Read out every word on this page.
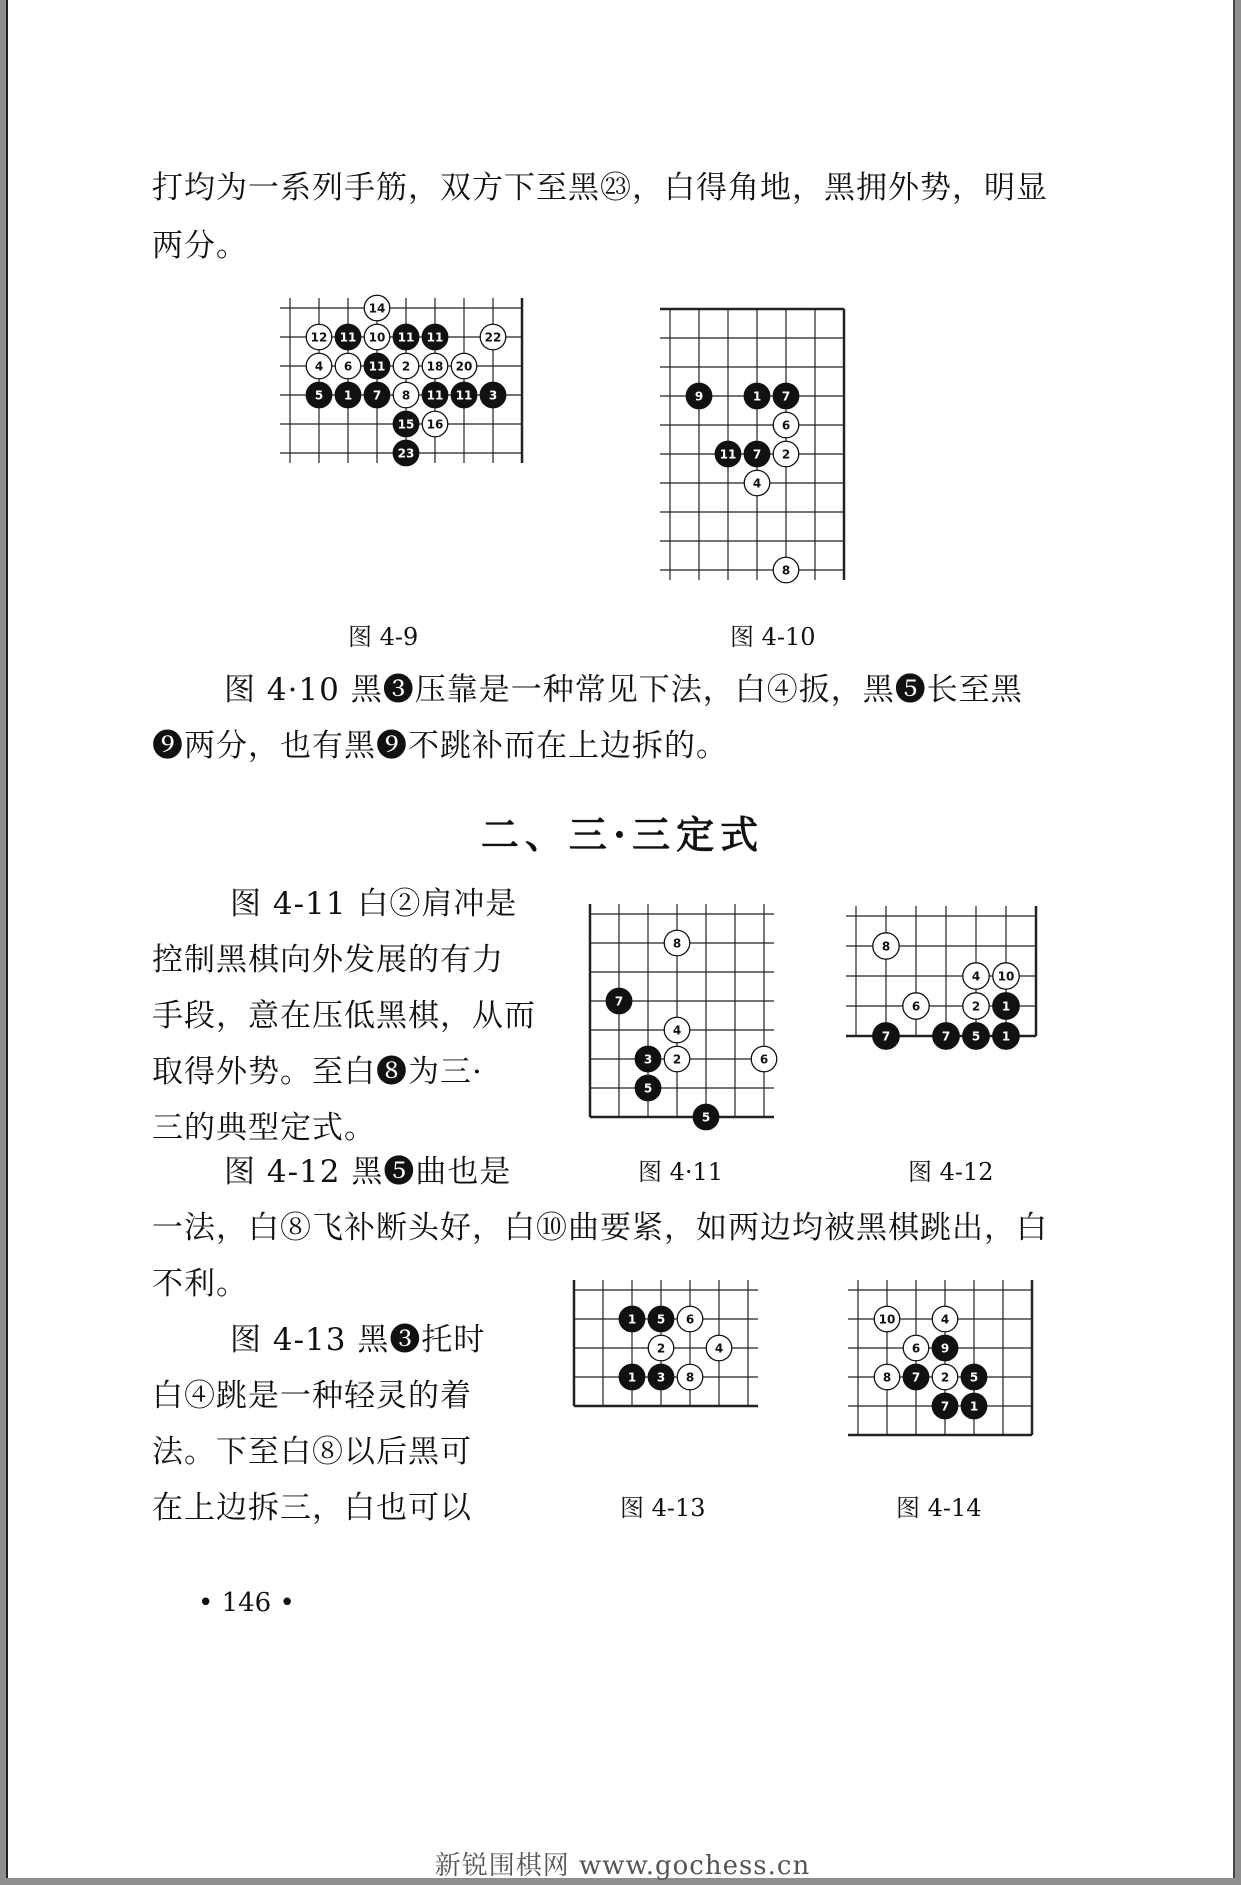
打均为一系列手筋，双方下至黑㉓，白得角地，黑拥外势，明显
两分。
14
12 11 10 11 11	22
4 6 11 2 18 20
5 1 7 8 11 11 3
15 16
23
9	1 7
6
11 7 2
4
8
图 4-9	图 4-10
图 4·10 黑❸压靠是一种常见下法，白④扳，黑❺长至黑
❾两分，也有黑❾不跳补而在上边拆的。
二、三·三定式
图 4-11 白②肩冲是
控制黑棋向外发展的有力
手段，意在压低黑棋，从而
取得外势。至白❽为三·
三的典型定式。
8
7
4
3 2	6
5
5
8
4 10
6	2 1
7	7 5 1
图 4·11	图 4-12
图 4-12 黑❺曲也是
一法，白⑧飞补断头好，白⑩曲要紧，如两边均被黑棋跳出，白
不利。
图 4-13 黑❸托时
白④跳是一种轻灵的着
法。下至白⑧以后黑可
在上边拆三，白也可以
1 5 6
2	4
1 3 8
10	4
6 9
8 7 2 5
7 1
图 4-13	图 4-14
• 146 •
新锐围棋网 www.gochess.cn
